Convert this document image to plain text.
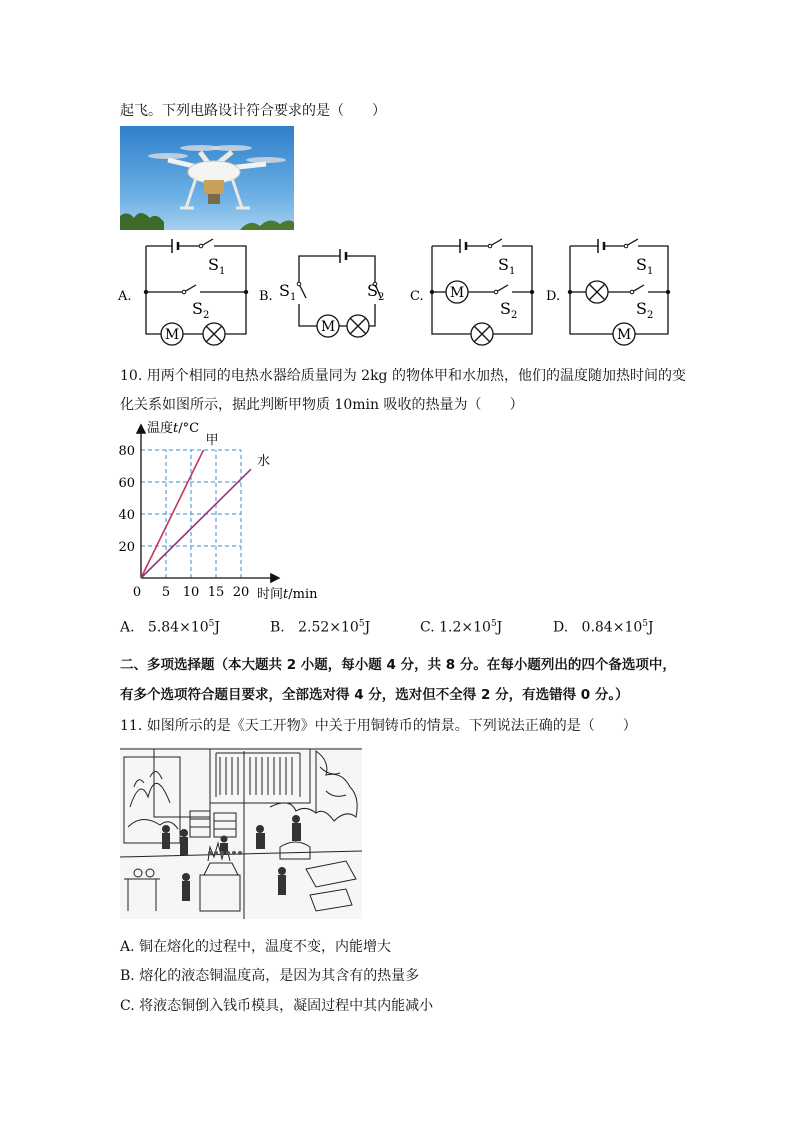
起飞。下列电路设计符合要求的是（　　）
M
S 1
S 2
A.
M
S 1	S 2
B.	M
S 1
S 2
C.
M
S 1
S 2
D.
10. 用两个相同的电热水器给质量同为 2kg 的物体甲和水加热，他们的温度随加热时间的变
化关系如图所示，据此判断甲物质 10min 吸收的热量为（　　）
5 10 15 20
20
40
60
80
甲
水
温度t/°C
时间t/min
0
A. $5.84\times 10^5J$	B. $2.52\times 10^5J$	C. $1.2\times 10^5J$	D. $0.84\times 10^5J$
二、多项选择题（本大题共 2 小题，每小题 4 分，共 8 分。在每小题列出的四个备选项中，
有多个选项符合题目要求，全部选对得 4 分，选对但不全得 2 分，有选错得 0 分。）
11. 如图所示的是《天工开物》中关于用铜铸币的情景。下列说法正确的是（　　）
A. 铜在熔化的过程中，温度不变，内能增大
B. 熔化的液态铜温度高，是因为其含有的热量多
C. 将液态铜倒入钱币模具，凝固过程中其内能减小
